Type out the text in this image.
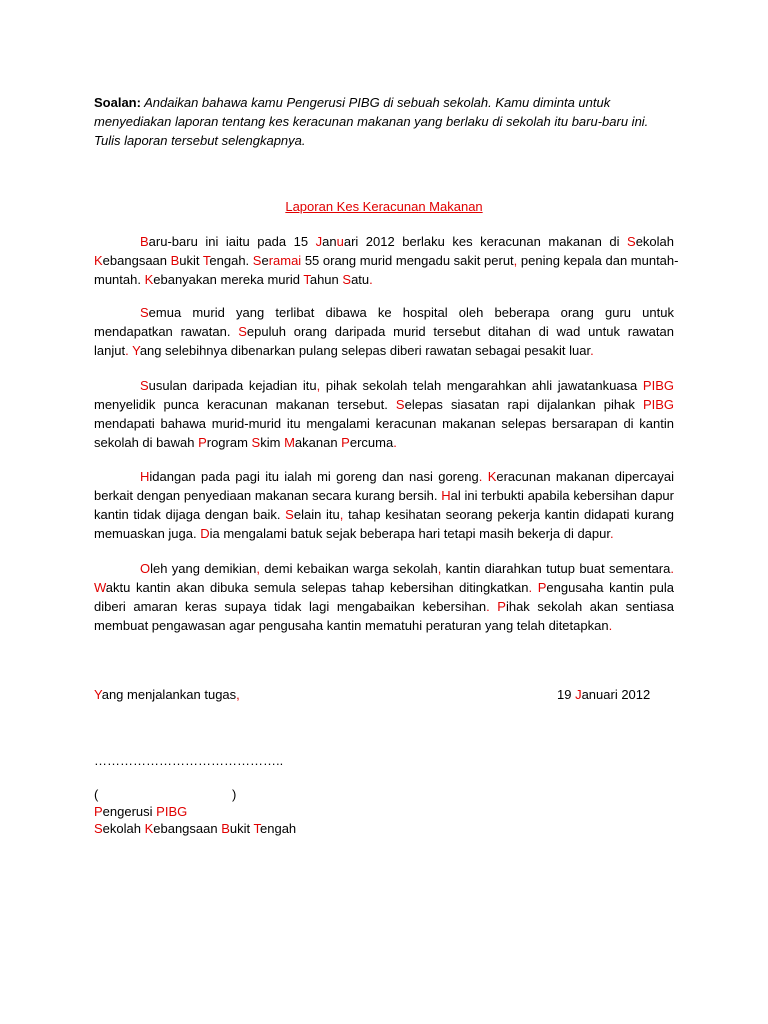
Soalan: Andaikan bahawa kamu Pengerusi PIBG di sebuah sekolah. Kamu diminta untuk
menyediakan laporan tentang kes keracunan makanan yang berlaku di sekolah itu baru-baru ini.
Tulis laporan tersebut selengkapnya.
Laporan Kes Keracunan Makanan
Baru-baru ini iaitu pada 15 Januari 2012 berlaku kes keracunan makanan di Sekolah
Kebangsaan Bukit Tengah. Seramai 55 orang murid mengadu sakit perut, pening kepala dan muntah-
muntah. Kebanyakan mereka murid Tahun Satu.
Semua murid yang terlibat dibawa ke hospital oleh beberapa orang guru untuk
mendapatkan rawatan. Sepuluh orang daripada murid tersebut ditahan di wad untuk rawatan
lanjut. Yang selebihnya dibenarkan pulang selepas diberi rawatan sebagai pesakit luar.
Susulan daripada kejadian itu, pihak sekolah telah mengarahkan ahli jawatankuasa PIBG
menyelidik punca keracunan makanan tersebut. Selepas siasatan rapi dijalankan pihak PIBG
mendapati bahawa murid-murid itu mengalami keracunan makanan selepas bersarapan di kantin
sekolah di bawah Program Skim Makanan Percuma.
Hidangan pada pagi itu ialah mi goreng dan nasi goreng. Keracunan makanan dipercayai
berkait dengan penyediaan makanan secara kurang bersih. Hal ini terbukti apabila kebersihan dapur
kantin tidak dijaga dengan baik. Selain itu, tahap kesihatan seorang pekerja kantin didapati kurang
memuaskan juga. Dia mengalami batuk sejak beberapa hari tetapi masih bekerja di dapur.
Oleh yang demikian, demi kebaikan warga sekolah, kantin diarahkan tutup buat sementara.
Waktu kantin akan dibuka semula selepas tahap kebersihan ditingkatkan. Pengusaha kantin pula
diberi amaran keras supaya tidak lagi mengabaikan kebersihan. Pihak sekolah akan sentiasa
membuat pengawasan agar pengusaha kantin mematuhi peraturan yang telah ditetapkan.
Yang menjalankan tugas,	19 Januari 2012
……………………………………..
(	)
Pengerusi PIBG
Sekolah Kebangsaan Bukit Tengah
